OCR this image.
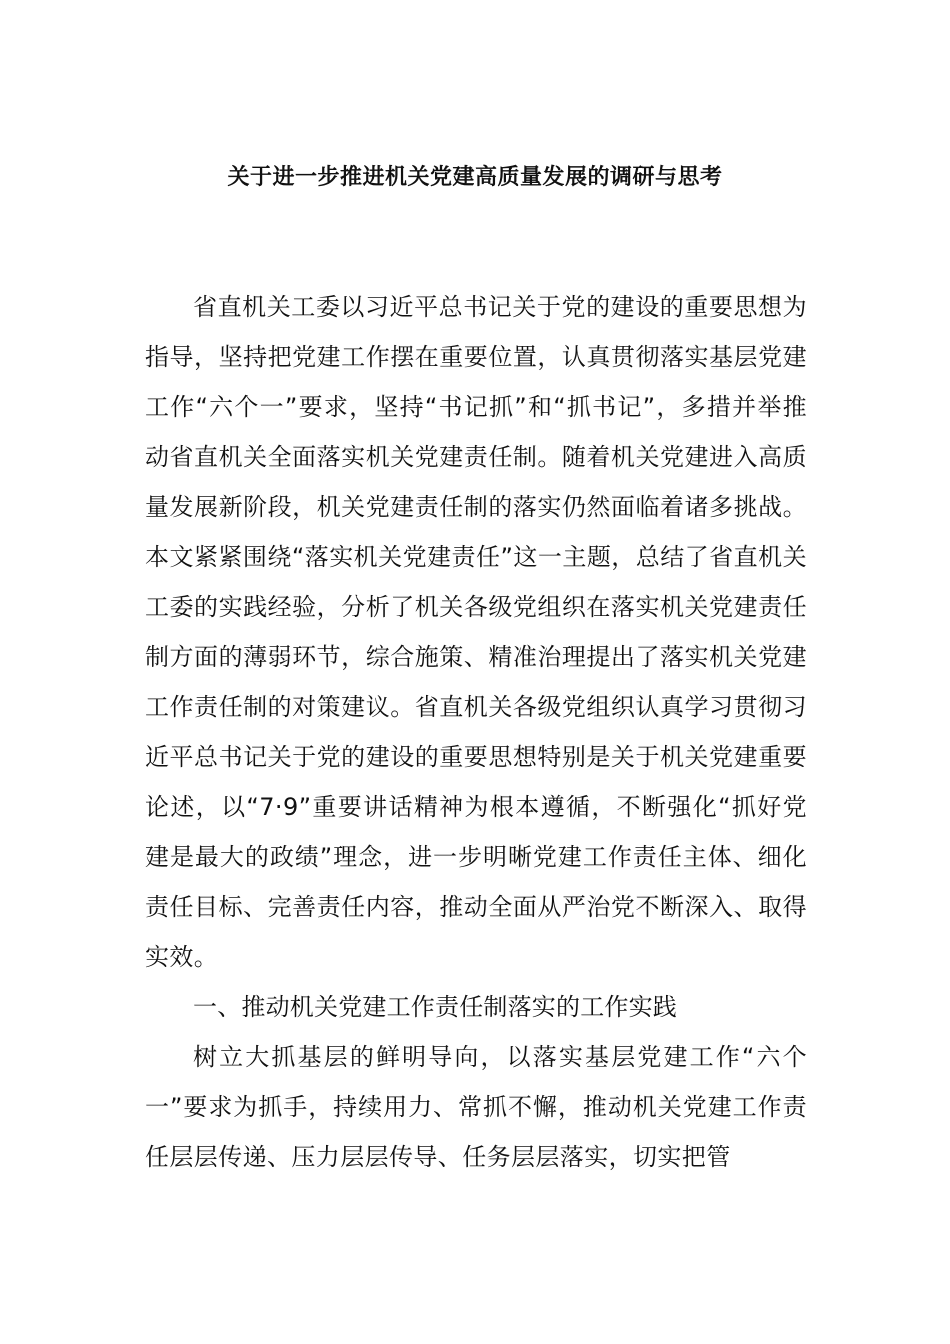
关于进一步推进机关党建高质量发展的调研与思考

省直机关工委以习近平总书记关于党的建设的重要思想为指导，坚持把党建工作摆在重要位置，认真贯彻落实基层党建工作“六个一”要求，坚持“书记抓”和“抓书记”，多措并举推动省直机关全面落实机关党建责任制。随着机关党建进入高质量发展新阶段，机关党建责任制的落实仍然面临着诸多挑战。本文紧紧围绕“落实机关党建责任”这一主题，总结了省直机关工委的实践经验，分析了机关各级党组织在落实机关党建责任制方面的薄弱环节，综合施策、精准治理提出了落实机关党建工作责任制的对策建议。省直机关各级党组织认真学习贯彻习近平总书记关于党的建设的重要思想特别是关于机关党建重要论述，以“7·9”重要讲话精神为根本遵循，不断强化“抓好党建是最大的政绩”理念，进一步明晰党建工作责任主体、细化责任目标、完善责任内容，推动全面从严治党不断深入、取得实效。

一、推动机关党建工作责任制落实的工作实践

树立大抓基层的鲜明导向，以落实基层党建工作“六个一”要求为抓手，持续用力、常抓不懈，推动机关党建工作责任层层传递、压力层层传导、任务层层落实，切实把管
